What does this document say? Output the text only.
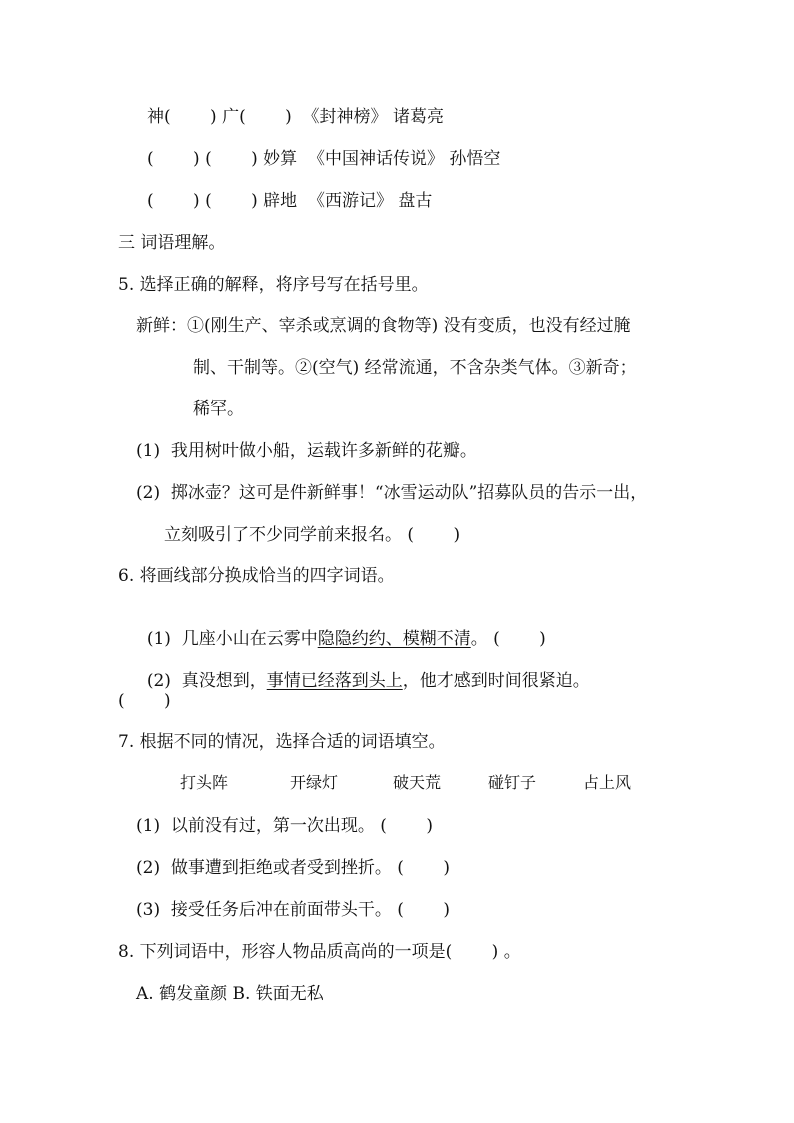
神(　　 ) 广(　　 )  《封神榜》 诸葛亮
(　　 ) (　　 ) 妙算  《中国神话传说》 孙悟空
(　　 ) (　　 ) 辟地  《西游记》 盘古
三 词语理解。
5. 选择正确的解释，将序号写在括号里。
新鲜：①(刚生产、宰杀或烹调的食物等) 没有变质，也没有经过腌
制、干制等。②(空气) 经常流通，不含杂类气体。③新奇；
稀罕。
(1)  我用树叶做小船，运载许多新鲜的花瓣。
(2)  掷冰壶？这可是件新鲜事！“冰雪运动队”招募队员的告示一出，
立刻吸引了不少同学前来报名。 (　　 )
6. 将画线部分换成恰当的四字词语。

(1)  几座小山在云雾中隐隐约约、模糊不清。 (　　 )

(2)  真没想到，事情已经落到头上，他才感到时间很紧迫。

(　　 )
7. 根据不同的情况，选择合适的词语填空。
打头阵	开绿灯	破天荒	碰钉子	占上风
(1)  以前没有过，第一次出现。 (　　 )
(2)  做事遭到拒绝或者受到挫折。 (　　 )
(3)  接受任务后冲在前面带头干。 (　　 )
8. 下列词语中，形容人物品质高尚的一项是(　　 ) 。
A. 鹤发童颜 B. 铁面无私
